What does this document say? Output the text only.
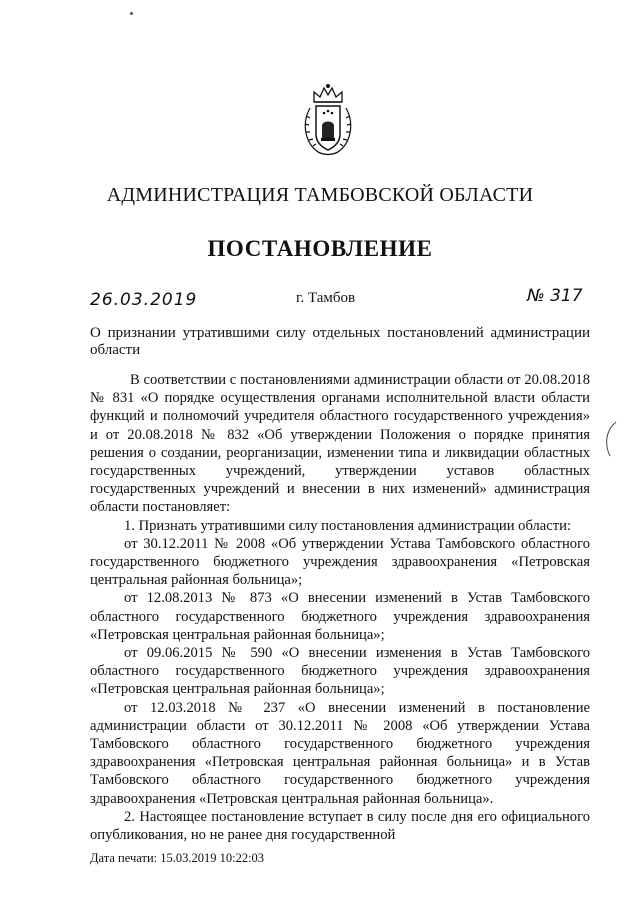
АДМИНИСТРАЦИЯ ТАМБОВСКОЙ ОБЛАСТИ
ПОСТАНОВЛЕНИЕ
26.03.2019	г. Тамбов	№ 317
О признании утратившими силу отдельных постановлений администрации области

В соответствии с постановлениями администрации области от 20.08.2018 № 831 «О порядке осуществления органами исполнительной власти области функций и полномочий учредителя областного государственного учреждения» и от 20.08.2018 № 832 «Об утверждении Положения о порядке принятия решения о создании, реорганизации, изменении типа и ликвидации областных государственных учреждений, утверждении уставов областных государственных учреждений и внесении в них изменений» администрация области постановляет:

1. Признать утратившими силу постановления администрации области:

от 30.12.2011 № 2008 «Об утверждении Устава Тамбовского областного государственного бюджетного учреждения здравоохранения «Петровская центральная районная больница»;

от 12.08.2013 № 873 «О внесении изменений в Устав Тамбовского областного государственного бюджетного учреждения здравоохранения «Петровская центральная районная больница»;

от 09.06.2015 № 590 «О внесении изменения в Устав Тамбовского областного государственного бюджетного учреждения здравоохранения «Петровская центральная районная больница»;

от 12.03.2018 № 237 «О внесении изменений в постановление администрации области от 30.12.2011 № 2008 «Об утверждении Устава Тамбовского областного государственного бюджетного учреждения здравоохранения «Петровская центральная районная больница» и в Устав Тамбовского областного государственного бюджетного учреждения здравоохранения «Петровская центральная районная больница».

2. Настоящее постановление вступает в силу после дня его официального опубликования, но не ранее дня государственной

Дата печати: 15.03.2019 10:22:03
